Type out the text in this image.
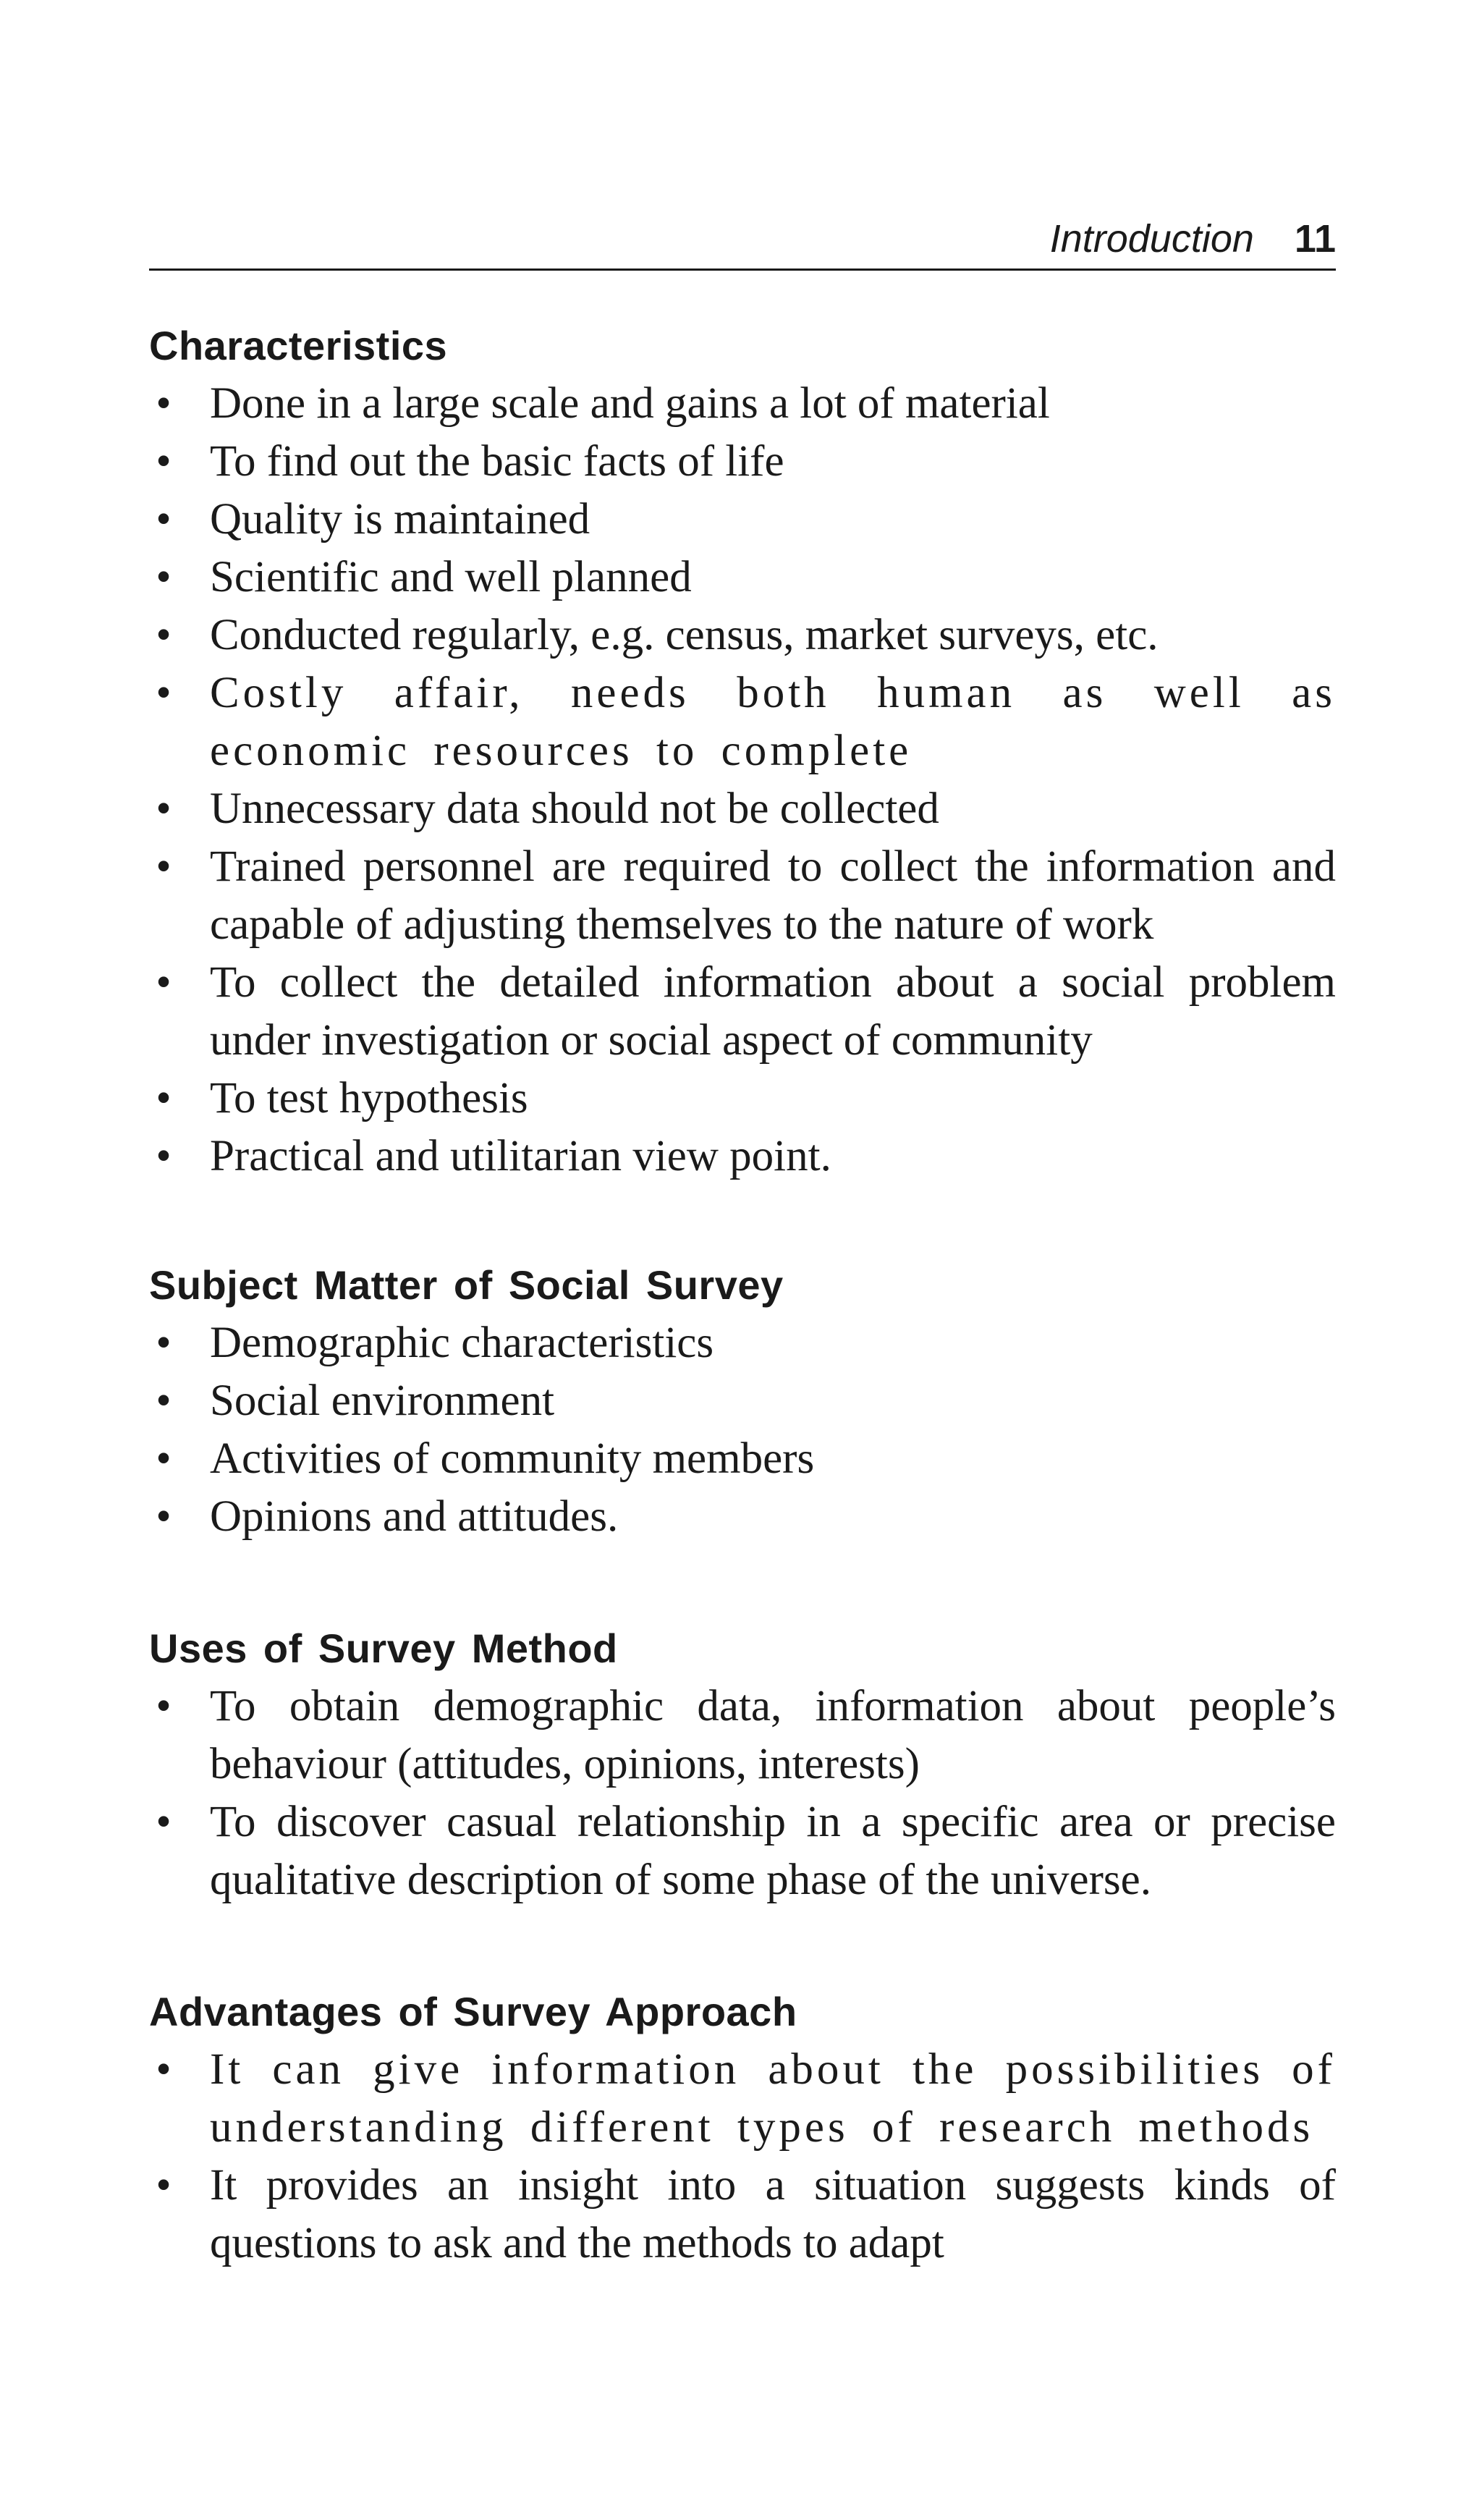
Introduction 11
Characteristics
• Done in a large scale and gains a lot of material
• To find out the basic facts of life
• Quality is maintained
• Scientific and well planned
• Conducted regularly, e.g. census, market surveys, etc.
• Costly affair, needs both human as well as economic resources to complete
• Unnecessary data should not be collected
• Trained personnel are required to collect the information and capable of adjusting themselves to the nature of work
• To collect the detailed information about a social problem under investigation or social aspect of community
• To test hypothesis
• Practical and utilitarian view point.
Subject Matter of Social Survey
• Demographic characteristics
• Social environment
• Activities of community members
• Opinions and attitudes.
Uses of Survey Method
• To obtain demographic data, information about people’s behaviour (attitudes, opinions, interests)
• To discover casual relationship in a specific area or precise qualitative description of some phase of the universe.
Advantages of Survey Approach
• It can give information about the possibilities of understanding different types of research methods
• It provides an insight into a situation suggests kinds of questions to ask and the methods to adapt
